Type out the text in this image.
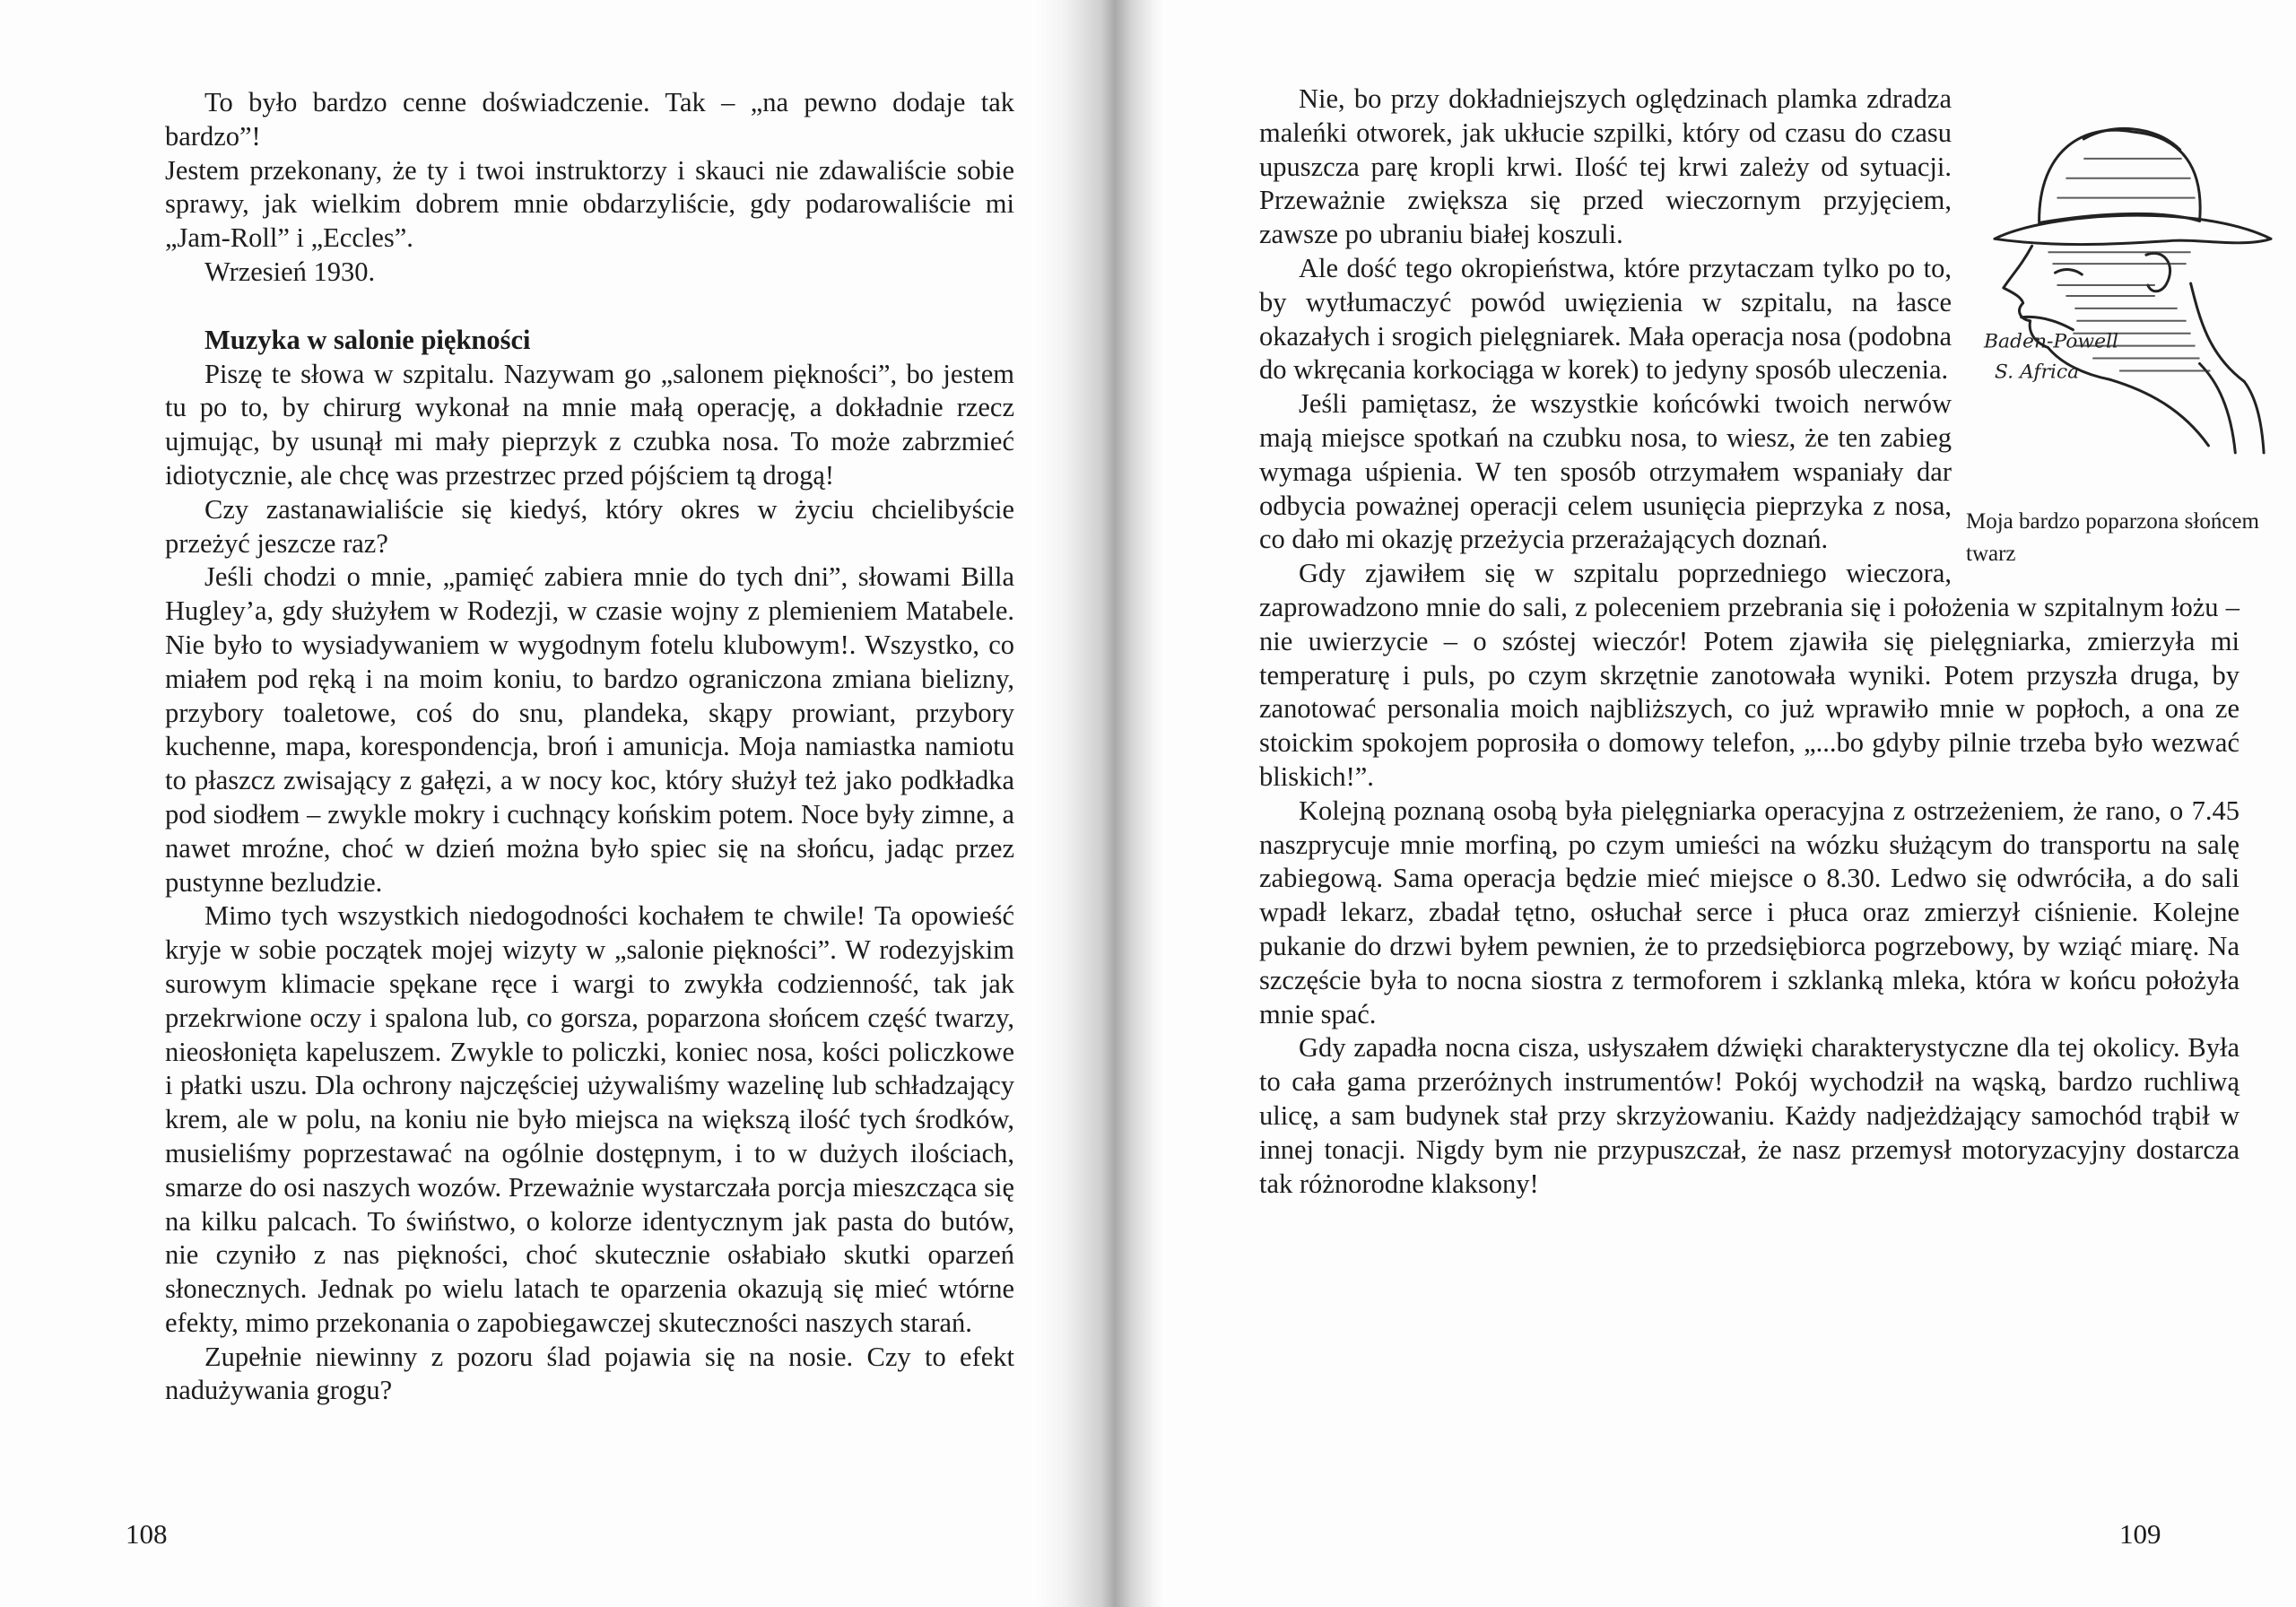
To było bardzo cenne doświadczenie. Tak – „na pewno dodaje tak bardzo”!

Jestem przekonany, że ty i twoi instruktorzy i skauci nie zdawaliście sobie sprawy, jak wielkim dobrem mnie obdarzyliście, gdy podarowaliście mi „Jam-Roll” i „Eccles”.

Wrzesień 1930.

Muzyka w salonie piękności

Piszę te słowa w szpitalu. Nazywam go „salonem piękności”, bo jestem tu po to, by chirurg wykonał na mnie małą operację, a dokładnie rzecz ujmując, by usunął mi mały pieprzyk z czubka nosa. To może zabrzmieć idiotycznie, ale chcę was przestrzec przed pójściem tą drogą!

Czy zastanawialiście się kiedyś, który okres w życiu chcielibyście przeżyć jeszcze raz?

Jeśli chodzi o mnie, „pamięć zabiera mnie do tych dni”, słowami Billa Hugley’a, gdy służyłem w Rodezji, w czasie wojny z plemieniem Matabele. Nie było to wysiadywaniem w wygodnym fotelu klubowym!. Wszystko, co miałem pod ręką i na moim koniu, to bardzo ograniczona zmiana bielizny, przybory toaletowe, coś do snu, plandeka, skąpy prowiant, przybory kuchenne, mapa, korespondencja, broń i amunicja. Moja namiastka namiotu to płaszcz zwisający z gałęzi, a w nocy koc, który służył też jako podkładka pod siodłem – zwykle mokry i cuchnący końskim potem. Noce były zimne, a nawet mroźne, choć w dzień można było spiec się na słońcu, jadąc przez pustynne bezludzie.

Mimo tych wszystkich niedogodności kochałem te chwile! Ta opowieść kryje w sobie początek mojej wizyty w „salonie piękności”. W rodezyjskim surowym klimacie spękane ręce i wargi to zwykła codzienność, tak jak przekrwione oczy i spalona lub, co gorsza, poparzona słońcem część twarzy, nieosłonięta kapeluszem. Zwykle to policzki, koniec nosa, kości policzkowe i płatki uszu. Dla ochrony najczęściej używaliśmy wazelinę lub schładzający krem, ale w polu, na koniu nie było miejsca na większą ilość tych środków, musieliśmy poprzestawać na ogólnie dostępnym, i to w dużych ilościach, smarze do osi naszych wozów. Przeważnie wystarczała porcja mieszcząca się na kilku palcach. To świństwo, o kolorze identycznym jak pasta do butów, nie czyniło z nas piękności, choć skutecznie osłabiało skutki oparzeń słonecznych. Jednak po wielu latach te oparzenia okazują się mieć wtórne efekty, mimo przekonania o zapobiegawczej skuteczności naszych starań.

Zupełnie niewinny z pozoru ślad pojawia się na nosie. Czy to efekt nadużywania grogu?

108
Baden-Powell
S. Africa
Moja bardzo poparzona słońcem twarz

Nie, bo przy dokładniejszych oględzinach plamka zdradza maleńki otworek, jak ukłucie szpilki, który od czasu do czasu upuszcza parę kropli krwi. Ilość tej krwi zależy od sytuacji. Przeważnie zwiększa się przed wieczornym przyjęciem, zawsze po ubraniu białej koszuli.

Ale dość tego okropieństwa, które przytaczam tylko po to, by wytłumaczyć powód uwięzienia w szpitalu, na łasce okazałych i srogich pielęgniarek. Mała operacja nosa (podobna do wkręcania korkociąga w korek) to jedyny sposób uleczenia.

Jeśli pamiętasz, że wszystkie końcówki twoich nerwów mają miejsce spotkań na czubku nosa, to wiesz, że ten zabieg wymaga uśpienia. W ten sposób otrzymałem wspaniały dar odbycia poważnej operacji celem usunięcia pieprzyka z nosa, co dało mi okazję przeżycia przerażających doznań.

Gdy zjawiłem się w szpitalu poprzedniego wieczora, zaprowadzono mnie do sali, z poleceniem przebrania się i położenia w szpitalnym łożu – nie uwierzycie – o szóstej wieczór! Potem zjawiła się pielęgniarka, zmierzyła mi temperaturę i puls, po czym skrzętnie zanotowała wyniki. Potem przyszła druga, by zanotować personalia moich najbliższych, co już wprawiło mnie w popłoch, a ona ze stoickim spokojem poprosiła o domowy telefon, „...bo gdyby pilnie trzeba było wezwać bliskich!”.

Kolejną poznaną osobą była pielęgniarka operacyjna z ostrzeżeniem, że rano, o 7.45 naszprycuje mnie morfiną, po czym umieści na wózku służącym do transportu na salę zabiegową. Sama operacja będzie mieć miejsce o 8.30. Ledwo się odwróciła, a do sali wpadł lekarz, zbadał tętno, osłuchał serce i płuca oraz zmierzył ciśnienie. Kolejne pukanie do drzwi byłem pewnien, że to przedsiębiorca pogrzebowy, by wziąć miarę. Na szczęście była to nocna siostra z termoforem i szklanką mleka, która w końcu położyła mnie spać.

Gdy zapadła nocna cisza, usłyszałem dźwięki charakterystyczne dla tej okolicy. Była to cała gama przeróżnych instrumentów! Pokój wychodził na wąską, bardzo ruchliwą ulicę, a sam budynek stał przy skrzyżowaniu. Każdy nadjeżdżający samochód trąbił w innej tonacji. Nigdy bym nie przypuszczał, że nasz przemysł motoryzacyjny dostarcza tak różnorodne klaksony!

109
